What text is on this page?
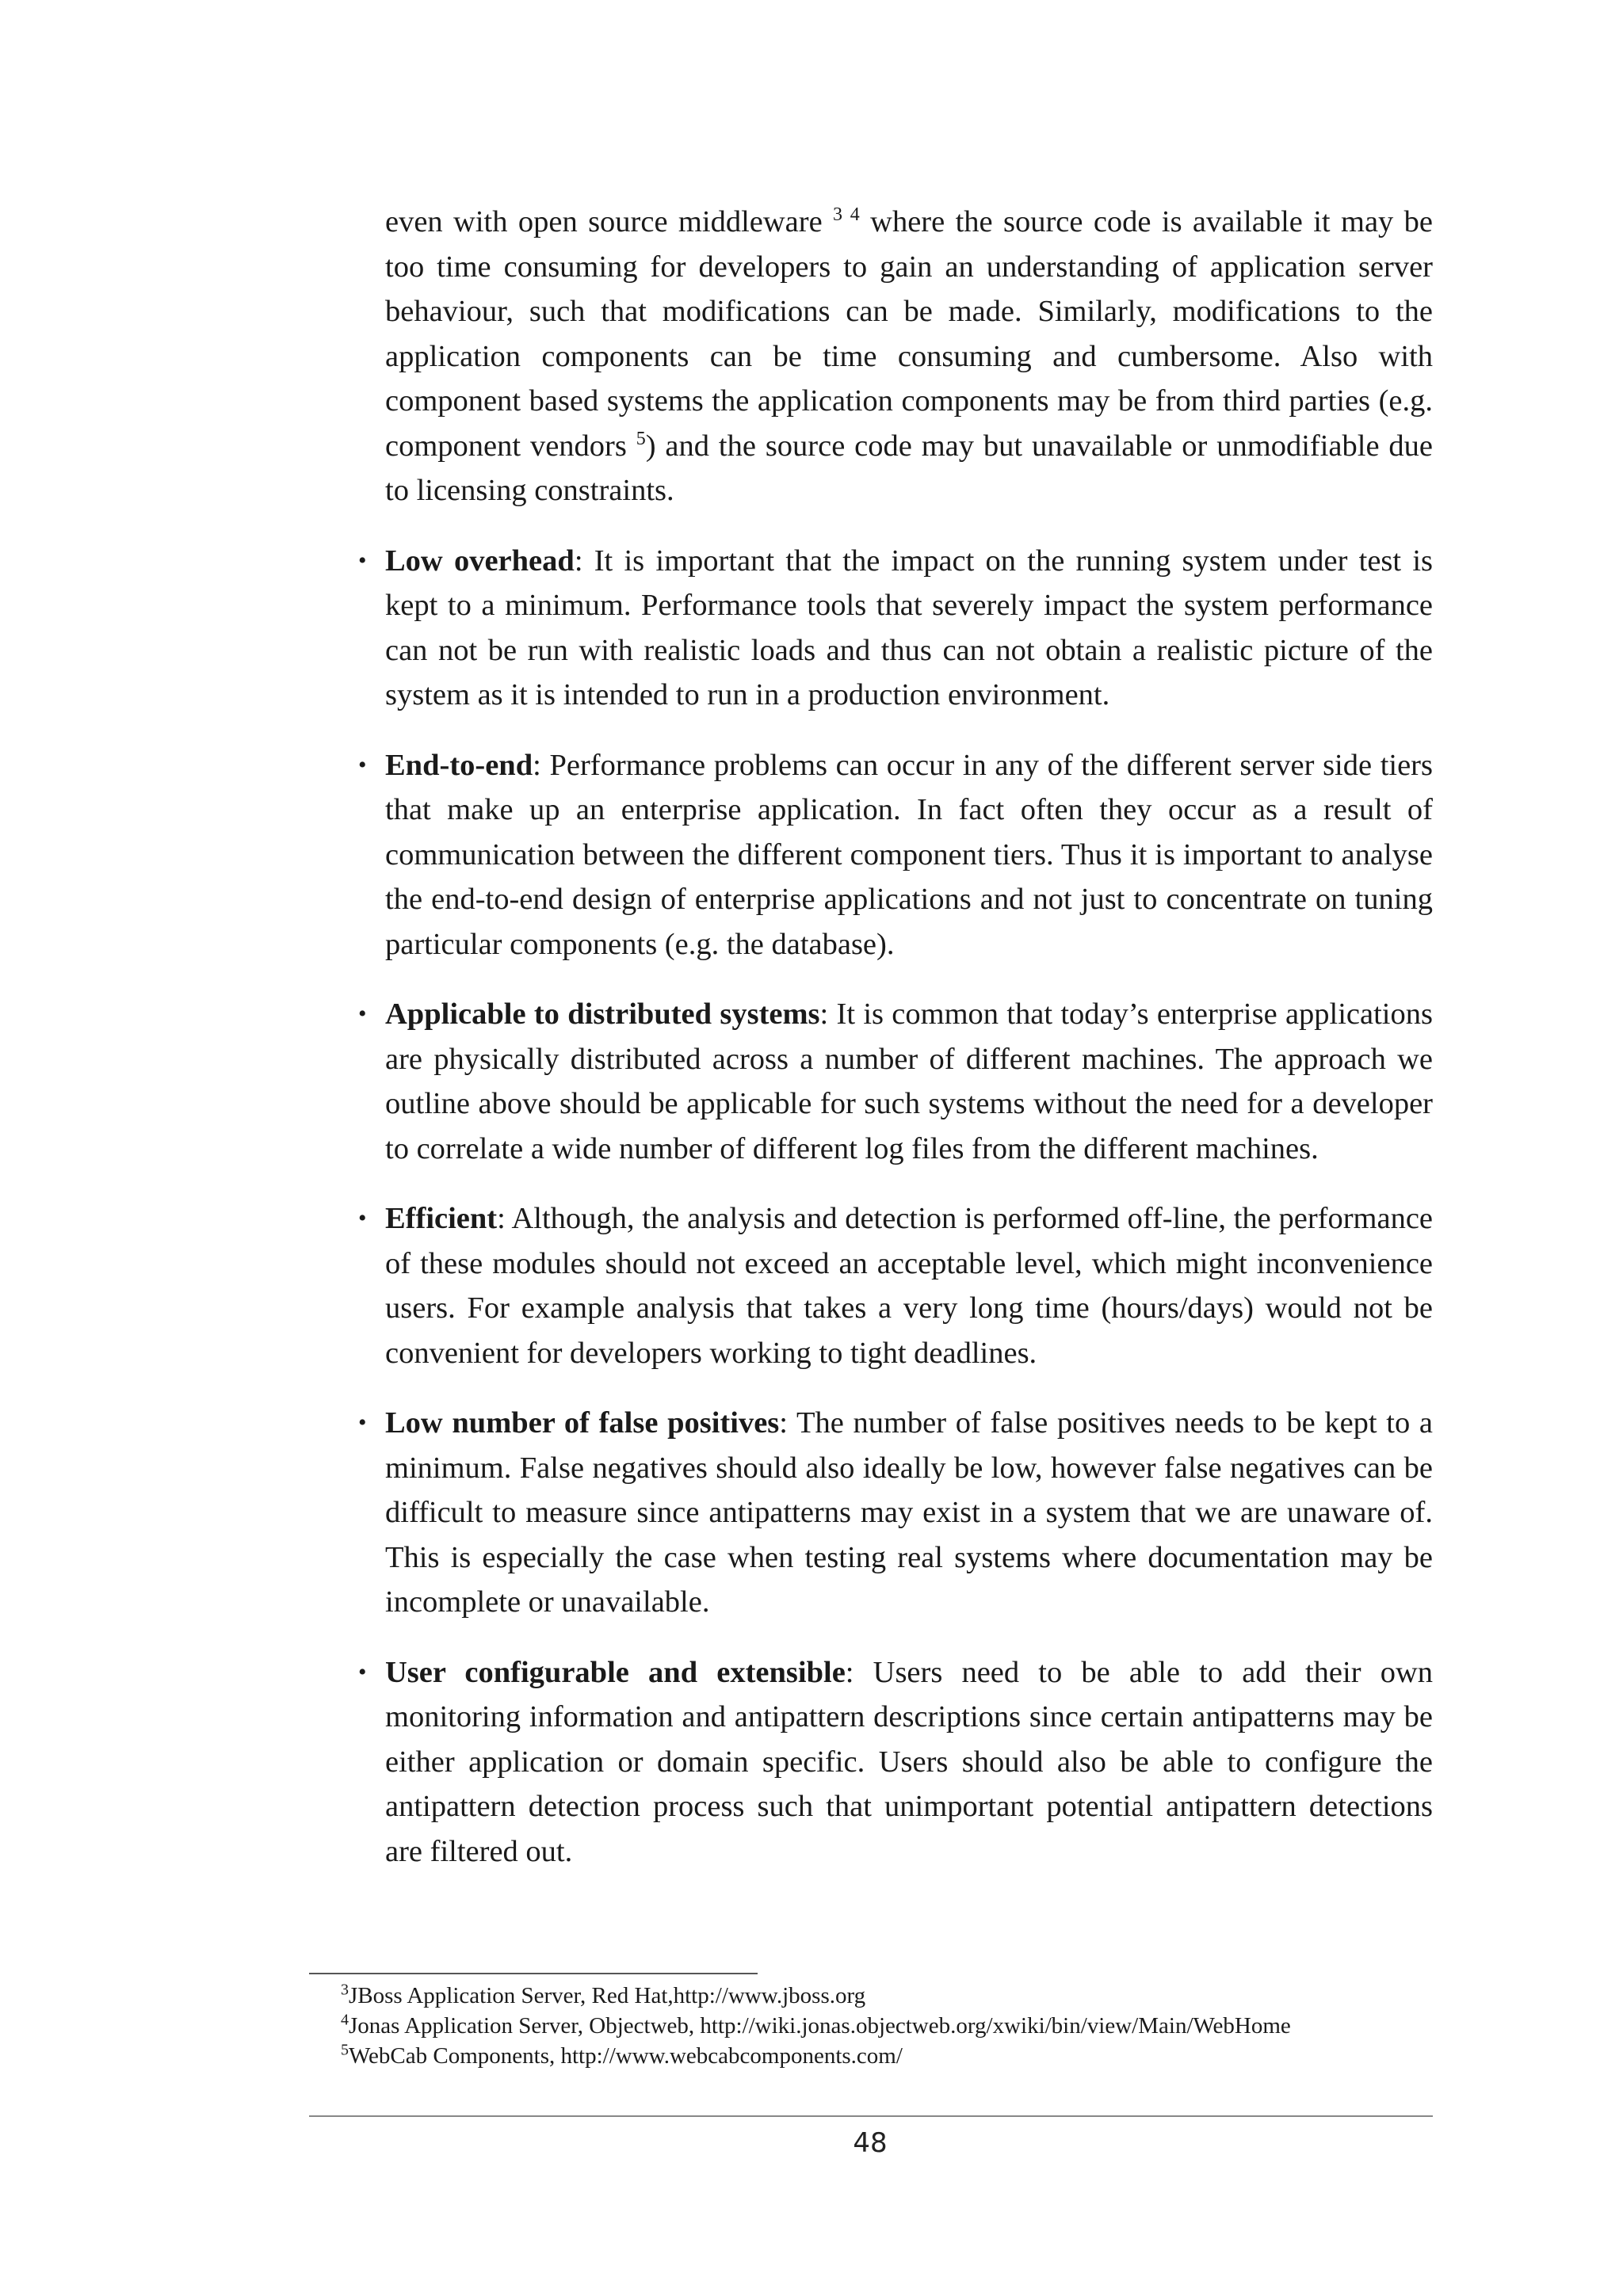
even with open source middleware $^3$ $^4$ where the source code is available it may be too time consuming for developers to gain an understanding of application server behaviour, such that modifications can be made. Similarly, modifications to the application components can be time consuming and cumbersome. Also with component based systems the application components may be from third parties (e.g. component vendors $^5$) and the source code may but unavailable or unmodifiable due to licensing constraints.

•

Low overhead: It is important that the impact on the running system under test is kept to a minimum. Performance tools that severely impact the system performance can not be run with realistic loads and thus can not obtain a realistic picture of the system as it is intended to run in a production environment.

•

End-to-end: Performance problems can occur in any of the different server side tiers that make up an enterprise application. In fact often they occur as a result of communication between the different component tiers. Thus it is important to analyse the end-to-end design of enterprise applications and not just to concentrate on tuning particular components (e.g. the database).

•

Applicable to distributed systems: It is common that today’s enterprise applications are physically distributed across a number of different machines. The approach we outline above should be applicable for such systems without the need for a developer to correlate a wide number of different log files from the different machines.

•

Efficient: Although, the analysis and detection is performed off-line, the performance of these modules should not exceed an acceptable level, which might inconvenience users. For example analysis that takes a very long time (hours/days) would not be convenient for developers working to tight deadlines.

•

Low number of false positives: The number of false positives needs to be kept to a minimum. False negatives should also ideally be low, however false negatives can be difficult to measure since antipatterns may exist in a system that we are unaware of. This is especially the case when testing real systems where documentation may be incomplete or unavailable.

•

User configurable and extensible: Users need to be able to add their own monitoring information and antipattern descriptions since certain antipatterns may be either application or domain specific. Users should also be able to configure the antipattern detection process such that unimportant potential antipattern detections are filtered out.

$^3$JBoss Application Server, Red Hat,http://www.jboss.org
$^4$Jonas Application Server, Objectweb, http://wiki.jonas.objectweb.org/xwiki/bin/view/Main/WebHome
$^5$WebCab Components, http://www.webcabcomponents.com/
48
